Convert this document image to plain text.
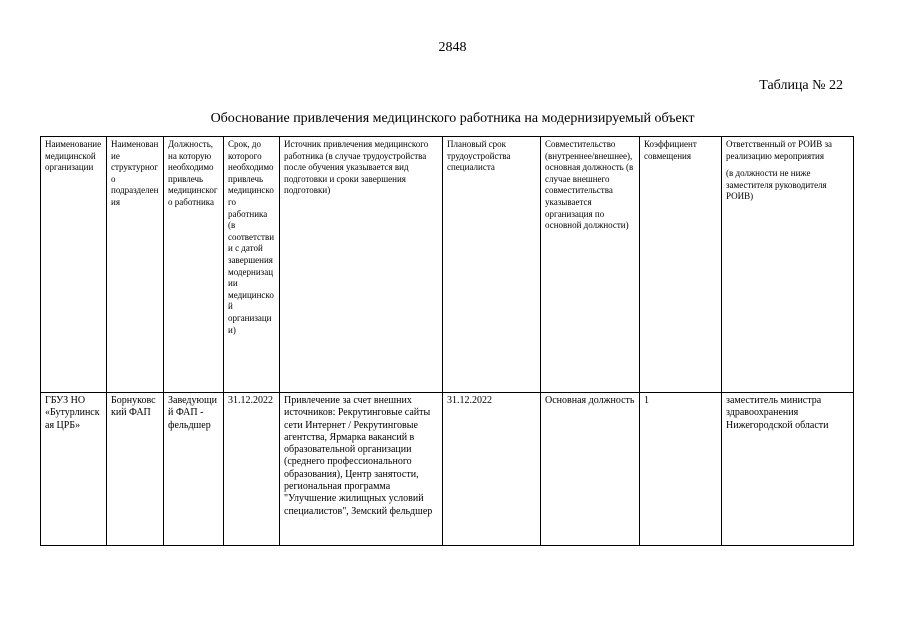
2848
Таблица № 22
Обоснование привлечения медицинского работника на модернизируемый объект
Наименование медицинской организации	Наименование структурного подразделения	Должность, на которую необходимо привлечь медицинского работника	Срок, до которого необходимо привлечь медицинского работника (в соответствии с датой завершения модернизации медицинской организации)	Источник привлечения медицинского работника (в случае трудоустройства после обучения указывается вид подготовки и сроки завершения подготовки)	Плановый срок трудоустройства специалиста	Совместительство (внутреннее/внешнее), основная должность (в случае внешнего совместительства указывается организация по основной должности)	Коэффициент совмещения	Ответственный от РОИВ за реализацию мероприятия
(в должности не ниже заместителя руководителя РОИВ)
ГБУЗ НО «Бутурлинская ЦРБ»	Борнуковский ФАП	Заведующий ФАП - фельдшер	31.12.2022	Привлечение за счет внешних источников: Рекрутинговые сайты сети Интернет / Рекрутинговые агентства, Ярмарка вакансий в образовательной организации (среднего профессионального образования), Центр занятости, региональная программа "Улучшение жилищных условий специалистов", Земский фельдшер	31.12.2022	Основная должность	1	заместитель министра здравоохранения Нижегородской области
